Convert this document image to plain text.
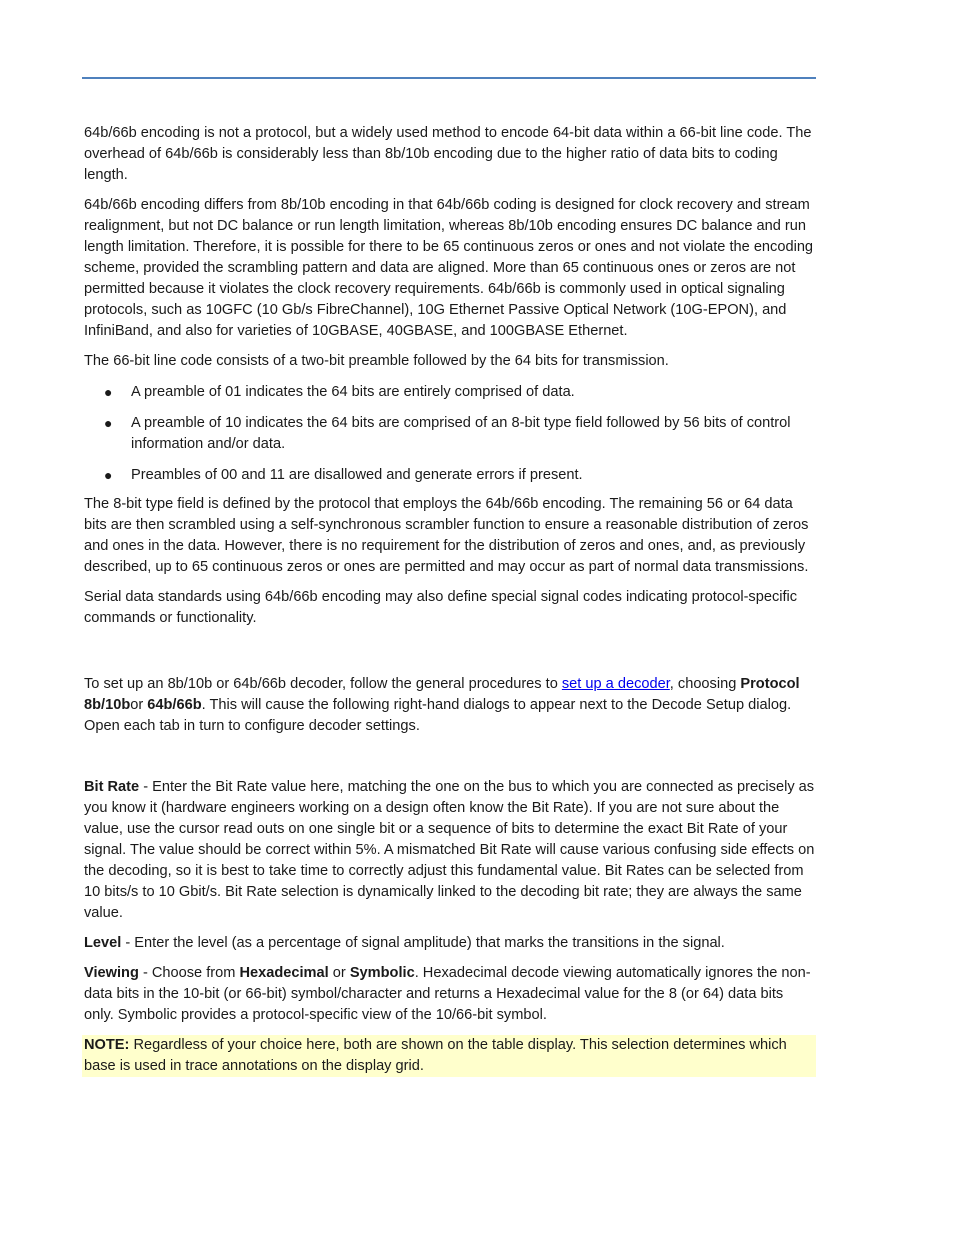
64b/66b encoding is not a protocol, but a widely used method to encode 64-bit data within a 66-bit line code. The overhead of 64b/66b is considerably less than 8b/10b encoding due to the higher ratio of data bits to coding length.

64b/66b encoding differs from 8b/10b encoding in that 64b/66b coding is designed for clock recovery and stream realignment, but not DC balance or run length limitation, whereas 8b/10b encoding ensures DC balance and run length limitation. Therefore, it is possible for there to be 65 continuous zeros or ones and not violate the encoding scheme, provided the scrambling pattern and data are aligned. More than 65 continuous ones or zeros are not permitted because it violates the clock recovery requirements. 64b/66b is commonly used in optical signaling protocols, such as 10GFC (10 Gb/s FibreChannel), 10G Ethernet Passive Optical Network (10G-EPON), and InfiniBand, and also for varieties of 10GBASE, 40GBASE, and 100GBASE Ethernet.

The 66-bit line code consists of a two-bit preamble followed by the 64 bits for transmission.

● A preamble of 01 indicates the 64 bits are entirely comprised of data.
● A preamble of 10 indicates the 64 bits are comprised of an 8-bit type field followed by 56 bits of control information and/or data.
● Preambles of 00 and 11 are disallowed and generate errors if present.

The 8-bit type field is defined by the protocol that employs the 64b/66b encoding. The remaining 56 or 64 data bits are then scrambled using a self-synchronous scrambler function to ensure a reasonable distribution of zeros and ones in the data. However, there is no requirement for the distribution of zeros and ones, and, as previously described, up to 65 continuous zeros or ones are permitted and may occur as part of normal data transmissions.

Serial data standards using 64b/66b encoding may also define special signal codes indicating protocol-specific commands or functionality.

To set up an 8b/10b or 64b/66b decoder, follow the general procedures to set up a decoder, choosing Protocol 8b/10bor 64b/66b. This will cause the following right-hand dialogs to appear next to the Decode Setup dialog. Open each tab in turn to configure decoder settings.

Bit Rate - Enter the Bit Rate value here, matching the one on the bus to which you are connected as precisely as you know it (hardware engineers working on a design often know the Bit Rate). If you are not sure about the value, use the cursor read outs on one single bit or a sequence of bits to determine the exact Bit Rate of your signal. The value should be correct within 5%. A mismatched Bit Rate will cause various confusing side effects on the decoding, so it is best to take time to correctly adjust this fundamental value. Bit Rates can be selected from 10 bits/s to 10 Gbit/s. Bit Rate selection is dynamically linked to the decoding bit rate; they are always the same value.

Level - Enter the level (as a percentage of signal amplitude) that marks the transitions in the signal.

Viewing - Choose from Hexadecimal or Symbolic. Hexadecimal decode viewing automatically ignores the non-data bits in the 10-bit (or 66-bit) symbol/character and returns a Hexadecimal value for the 8 (or 64) data bits only. Symbolic provides a protocol-specific view of the 10/66-bit symbol.

NOTE: Regardless of your choice here, both are shown on the table display. This selection determines which base is used in trace annotations on the display grid.
